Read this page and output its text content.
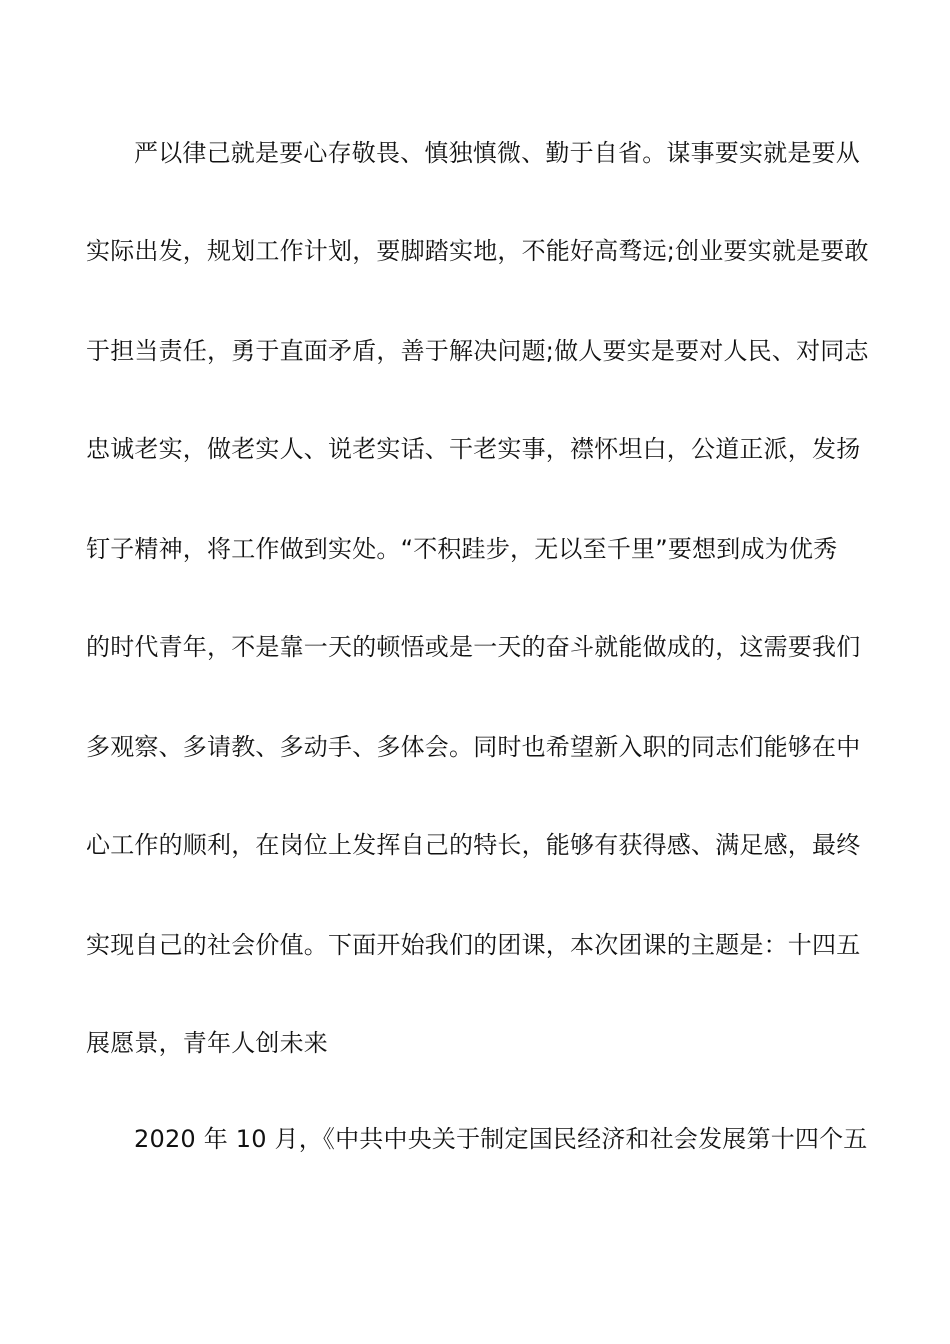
严以律己就是要心存敬畏、慎独慎微、勤于自省。谋事要实就是要从
实际出发，规划工作计划，要脚踏实地，不能好高骛远;创业要实就是要敢
于担当责任，勇于直面矛盾，善于解决问题;做人要实是要对人民、对同志
忠诚老实，做老实人、说老实话、干老实事，襟怀坦白，公道正派，发扬
钉子精神，将工作做到实处。“不积跬步，无以至千里”要想到成为优秀
的时代青年，不是靠一天的顿悟或是一天的奋斗就能做成的，这需要我们
多观察、多请教、多动手、多体会。同时也希望新入职的同志们能够在中
心工作的顺利，在岗位上发挥自己的特长，能够有获得感、满足感，最终
实现自己的社会价值。下面开始我们的团课，本次团课的主题是：十四五
展愿景，青年人创未来
2020 年 10 月，《中共中央关于制定国民经济和社会发展第十四个五
